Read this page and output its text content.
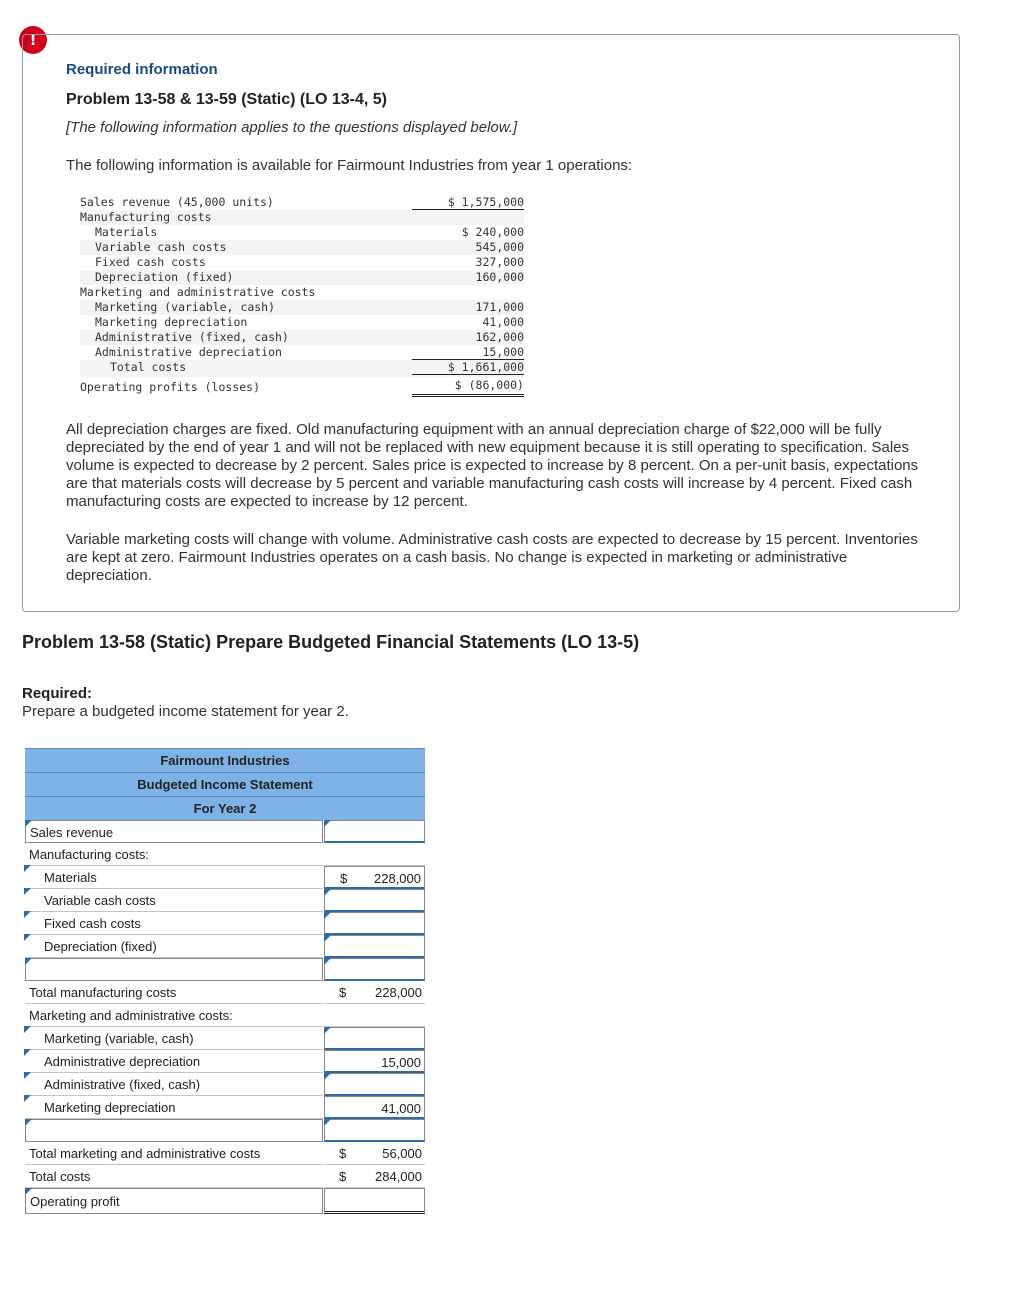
!
Required information
Problem 13-58 & 13-59 (Static) (LO 13-4, 5)
[The following information applies to the questions displayed below.]
The following information is available for Fairmount Industries from year 1 operations:
Sales revenue (45,000 units)	$ 1,575,000
Manufacturing costs
Materials	$ 240,000
Variable cash costs	545,000
Fixed cash costs	327,000
Depreciation (fixed)	160,000
Marketing and administrative costs
Marketing (variable, cash)	171,000
Marketing depreciation	41,000
Administrative (fixed, cash)	162,000
Administrative depreciation	15,000
Total costs	$ 1,661,000
Operating profits (losses)	$ (86,000)
All depreciation charges are fixed. Old manufacturing equipment with an annual depreciation charge of $22,000 will be fully depreciated by the end of year 1 and will not be replaced with new equipment because it is still operating to specification. Sales volume is expected to decrease by 2 percent. Sales price is expected to increase by 8 percent. On a per-unit basis, expectations are that materials costs will decrease by 5 percent and variable manufacturing cash costs will increase by 4 percent. Fixed cash manufacturing costs are expected to increase by 12 percent.
Variable marketing costs will change with volume. Administrative cash costs are expected to decrease by 15 percent. Inventories are kept at zero. Fairmount Industries operates on a cash basis. No change is expected in marketing or administrative depreciation.
Problem 13-58 (Static) Prepare Budgeted Financial Statements (LO 13-5)
Required:
Prepare a budgeted income statement for year 2.
Fairmount Industries
Budgeted Income Statement
For Year 2
Sales revenue
Manufacturing costs:
Materials	$ 228,000
Variable cash costs
Fixed cash costs
Depreciation (fixed)
Total manufacturing costs	$ 228,000
Marketing and administrative costs:
Marketing (variable, cash)
Administrative depreciation	15,000
Administrative (fixed, cash)
Marketing depreciation	41,000
Total marketing and administrative costs	$	56,000
Total costs	$ 284,000
Operating profit
